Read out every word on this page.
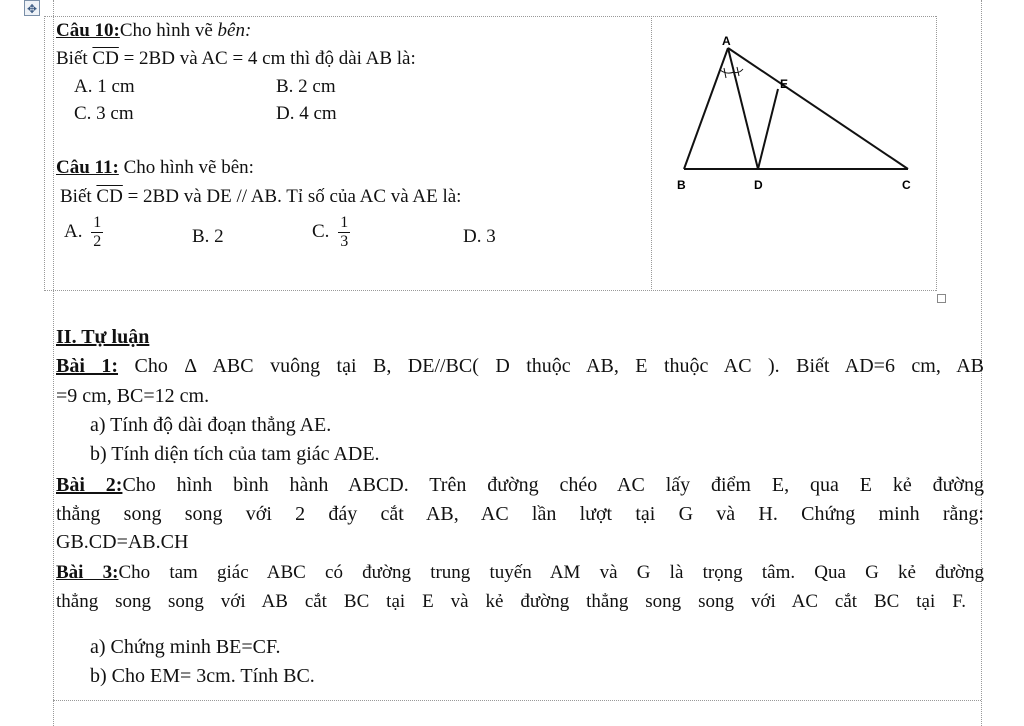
✥
Câu 10:Cho hình vẽ bên:
Biết $\overline{CD} = 2BD$ và AC = 4 cm thì độ dài AB là:
A. 1 cm	B. 2 cm
C. 3 cm	D. 4 cm
Câu 11: Cho hình vẽ bên:
Biết $\overline{CD} = 2BD$ và DE // AB. Tỉ số của AC và AE là:
A. $\frac{1}{2}$	B. 2	C. $\frac{1}{3}$	D. 3
A
E
B	D	C
II. Tự luận
Bài 1: Cho Δ ABC vuông tại B, DE//BC( D thuộc AB, E thuộc AC ). Biết AD=6 cm, AB
=9 cm, BC=12 cm.
a) Tính độ dài đoạn thẳng AE.
b) Tính diện tích của tam giác ADE.
Bài 2:Cho hình bình hành ABCD. Trên đường chéo AC lấy điểm E, qua E kẻ đường
thẳng song song với 2 đáy cắt AB, AC lần lượt tại G và H. Chứng minh rằng:
GB.CD=AB.CH
Bài 3:Cho tam giác ABC có đường trung tuyến AM và G là trọng tâm. Qua G kẻ đường
thẳng song song với AB cắt BC tại E và kẻ đường thẳng song song với AC cắt BC tại F.
a) Chứng minh BE=CF.
b) Cho EM= 3cm. Tính BC.
